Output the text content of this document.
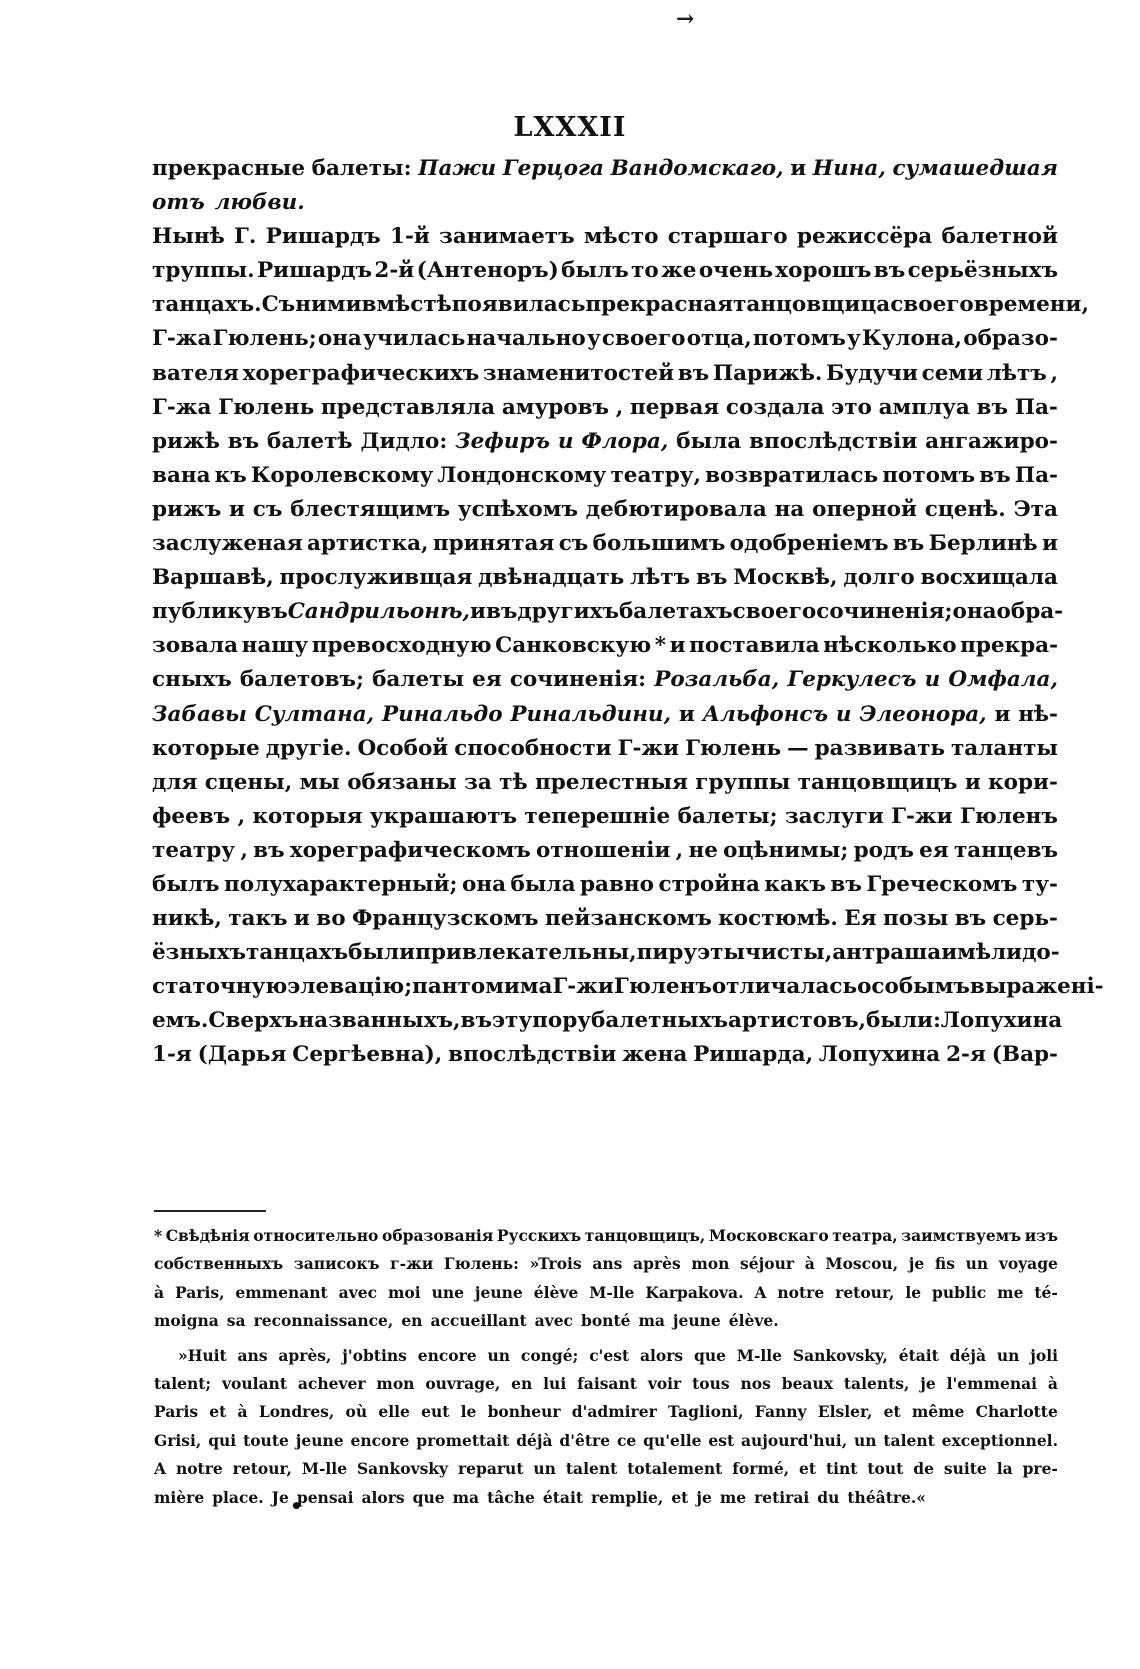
→
LXXXII
прекрасные балеты: Пажи Герцога Вандомскаго, и Нина, сумашедшая
отъ любви.
Нынѣ Г. Ришардъ 1-й занимаетъ мѣсто старшаго режиссёра балетной
труппы. Ришардъ 2-й (Антеноръ) былъ то же очень хорошъ въ серьёзныхъ
танцахъ. Съ ними вмѣстѣ появилась прекрасная танцовщица своего времени,
Г-жа Гюлень; она училась начально у своего отца, потомъ у Кулона, образо-
вателя хорегрaфическихъ знаменитостей въ Парижѣ. Будучи семи лѣтъ ,
Г-жа Гюлень представляла амуровъ , первая создала это амплуа въ Па-
рижѣ въ балетѣ Дидло: Зефиръ и Флора, была впослѣдствіи ангажиро-
вана къ Королевскому Лондонскому театру, возвратилась потомъ въ Па-
рижъ и съ блестящимъ успѣхомъ дебютировала на оперной сценѣ. Эта
заслуженая артистка, принятая съ большимъ одобреніемъ въ Берлинѣ и
Варшавѣ, прослуживщая двѣнадцать лѣтъ въ Москвѣ, долго восхищала
публику въ Сандрильонѣ, и въ другихъ балетахъ своего сочиненія; она обра-
зовала нашу превосходную Санковскую * и поставила нѣсколько прекра-
сныхъ балетовъ; балеты ея сочиненія: Розальба, Геркулесъ и Омфала,
Забавы Султана, Ринальдо Ринальдини, и Альфонсъ и Элеонора, и нѣ-
которые другіе. Особой способности Г-жи Гюлень — развивать таланты
для сцены, мы обязаны за тѣ прелестныя группы танцовщицъ и кори-
феевъ , которыя украшаютъ теперешніе балеты; заслуги Г-жи Гюленъ
театру , въ хорегрaфическомъ отношеніи , не оцѣнимы; родъ ея танцевъ
былъ полухарактерный; она была равно стройна какъ въ Греческомъ ту-
никѣ, такъ и во Французскомъ пейзанскомъ костюмѣ. Ея позы въ серь-
ёзныхъ танцахъ были привлекательны, пируэты чисты, антраша имѣли до-
статочную элевацію; пантомима Г-жи Гюленъ отличалась особымъ выраженi-
емъ. Сверхъ названныхъ, въ эту пору балетныхъ артистовъ, были: Лопухина
1-я (Дарья Сергѣевна), впослѣдствіи жена Ришарда, Лопухина 2-я (Вар-
* Свѣдѣнія относительно образованія Русскихъ танцовщицъ, Московскаго театра, заимствуемъ изъ
собственныхъ записокъ г-жи Гюлень: »Trois ans après mon séjour à Moscou, je fis un voyage
à Paris, emmenant avec moi une jeune élève M-lle Karpakova. A notre retour, le public me té-
moigna sa reconnaissance, en accueillant avec bonté ma jeune élève.
»Huit ans après, j'obtins encore un congé; c'est alors que M-lle Sankovsky, était déjà un joli
talent; voulant achever mon ouvrage, en lui faisant voir tous nos beaux talents, je l'emmenai à
Paris et à Londres, où elle eut le bonheur d'admirer Taglioni, Fanny Elsler, et même Charlotte
Grisi, qui toute jeune encore promettait déjà d'être ce qu'elle est aujourd'hui, un talent exceptionnel.
A notre retour, M-lle Sankovsky reparut un talent totalement formé, et tint tout de suite la pre-
mière place. Je pensai alors que ma tâche était remplie, et je me retirai du théâtre.«
•
